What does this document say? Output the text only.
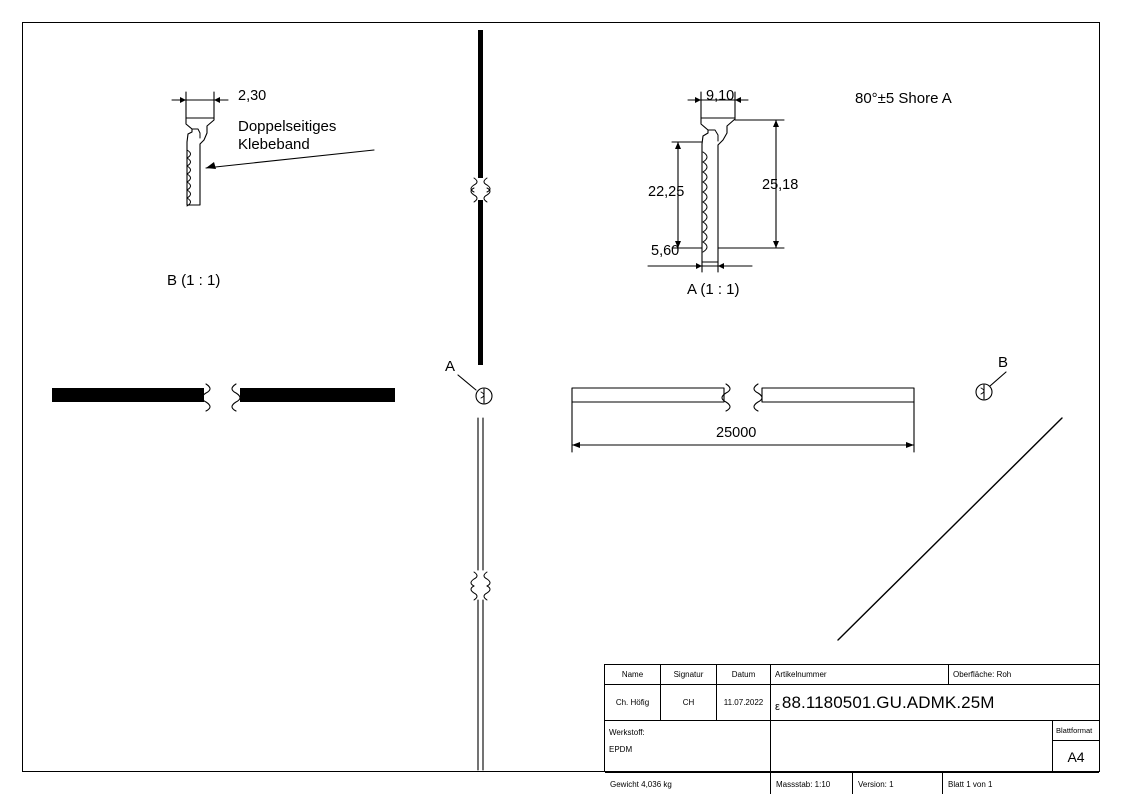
2,30
Doppelseitiges
Klebeband
B (1 : 1)
9,10
22,25	25,18
5,60
A (1 : 1)
80°±5 Shore A
A	B
25000
Name	Signatur	Datum	Artikelnummer	Oberfläche: Roh
Ch. Höfig	CH	11.07.2022	ε 88.1180501.GU.ADMK.25M
Werkstoff:
EPDM
Blattformat
A4
Gewicht 4,036 kg	Massstab: 1:10	Version: 1	Blatt 1 von 1
